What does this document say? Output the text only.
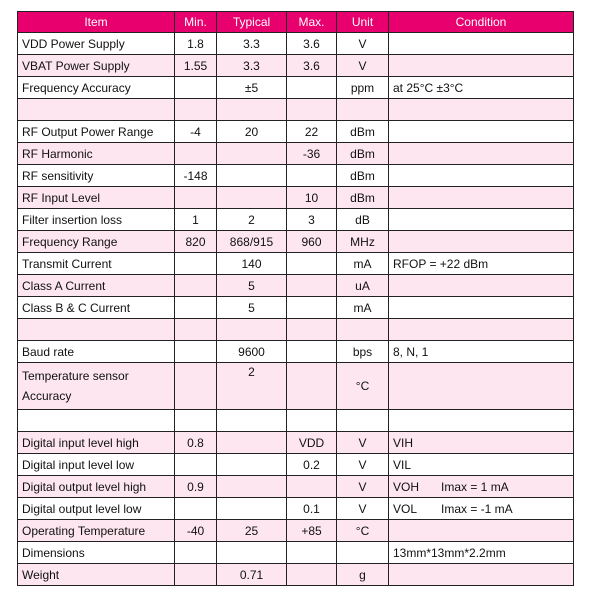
Item	Min.	Typical	Max.	Unit	Condition
VDD Power Supply	1.8	3.3	3.6	V	
VBAT Power Supply	1.55	3.3	3.6	V	
Frequency Accuracy		±5		ppm	at 25°C ±3°C

RF Output Power Range	-4	20	22	dBm	
RF Harmonic			-36	dBm	
RF sensitivity	-148			dBm	
RF Input Level			10	dBm	
Filter insertion loss	1	2	3	dB	
Frequency Range	820	868/915	960	MHz	
Transmit Current		140		mA	RFOP = +22 dBm
Class A Current		5		uA	
Class B & C Current		5		mA	

Baud rate		9600		bps	8, N, 1
Temperature sensor Accuracy		2		°C	

Digital input level high	0.8		VDD	V	VIH
Digital input level low			0.2	V	VIL
Digital output level high	0.9			V	VOH Imax = 1 mA
Digital output level low			0.1	V	VOL Imax = -1 mA
Operating Temperature	-40	25	+85	°C	
Dimensions					13mm*13mm*2.2mm
Weight		0.71		g	
